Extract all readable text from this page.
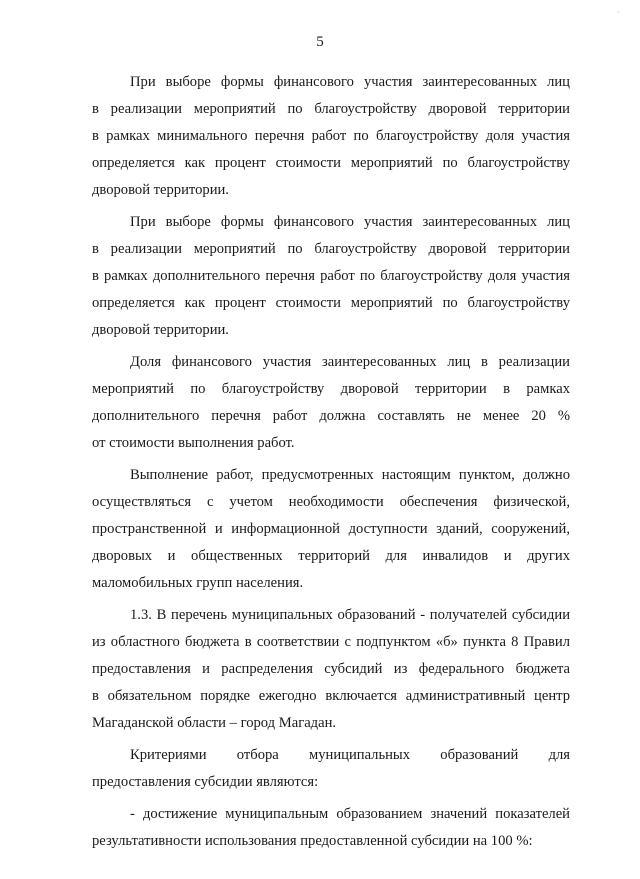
·
5
При выборе формы финансового участия заинтересованных лиц
в реализации мероприятий по благоустройству дворовой территории
в рамках минимального перечня работ по благоустройству доля участия
определяется как процент стоимости мероприятий по благоустройству
дворовой территории.
При выборе формы финансового участия заинтересованных лиц
в реализации мероприятий по благоустройству дворовой территории
в рамках дополнительного перечня работ по благоустройству доля участия
определяется как процент стоимости мероприятий по благоустройству
дворовой территории.
Доля финансового участия заинтересованных лиц в реализации
мероприятий по благоустройству дворовой территории в рамках
дополнительного перечня работ должна составлять не менее 20 %
от стоимости выполнения работ.
Выполнение работ, предусмотренных настоящим пунктом, должно
осуществляться с учетом необходимости обеспечения физической,
пространственной и информационной доступности зданий, сооружений,
дворовых и общественных территорий для инвалидов и других
маломобильных групп населения.
1.3. В перечень муниципальных образований - получателей субсидии
из областного бюджета в соответствии с подпунктом «б» пункта 8 Правил
предоставления и распределения субсидий из федерального бюджета
в обязательном порядке ежегодно включается административный центр
Магаданской области – город Магадан.
Критериями отбора муниципальных образований для
предоставления субсидии являются:
- достижение муниципальным образованием значений показателей
результативности использования предоставленной субсидии на 100 %:
